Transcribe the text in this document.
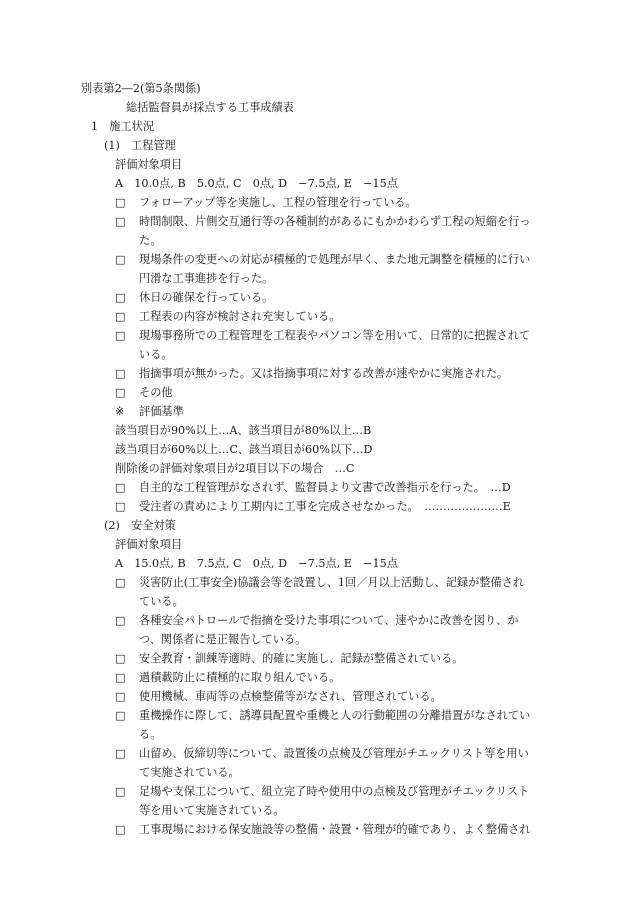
別表第2―2(第5条関係)
総括監督員が採点する工事成績表
1　施工状況
(1)　工程管理
評価対象項目
A　10.0点, B　5.0点, C　0点, D　−7.5点, E　−15点
□ フォローアップ等を実施し、工程の管理を行っている。
□ 時間制限、片側交互通行等の各種制約があるにもかかわらず工程の短縮を行っ
た。
□ 現場条件の変更への対応が積極的で処理が早く、また地元調整を積極的に行い
円滑な工事進捗を行った。
□ 休日の確保を行っている。
□ 工程表の内容が検討され充実している。
□ 現場事務所での工程管理を工程表やパソコン等を用いて、日常的に把握されて
いる。
□ 指摘事項が無かった。又は指摘事項に対する改善が速やかに実施された。
□ その他
※ 評価基準
該当項目が90%以上…A、該当項目が80%以上…B
該当項目が60%以上…C、該当項目が60%以下…D
削除後の評価対象項目が2項目以下の場合　…C
□ 自主的な工程管理がなされず、監督員より文書で改善指示を行った。　…D
□ 受注者の責めにより工期内に工事を完成させなかった。　…………………E
(2)　安全対策
評価対象項目
A　15.0点, B　7.5点, C　0点, D　−7.5点, E　−15点
□ 災害防止(工事安全)協議会等を設置し、1回／月以上活動し、記録が整備され
ている。
□ 各種安全パトロールで指摘を受けた事項について、速やかに改善を図り、か
つ、関係者に是正報告している。
□ 安全教育・訓練等適時、的確に実施し、記録が整備されている。
□ 過積載防止に積極的に取り組んでいる。
□ 使用機械、車両等の点検整備等がなされ、管理されている。
□ 重機操作に際して、誘導員配置や重機と人の行動範囲の分離措置がなされてい
る。
□ 山留め、仮締切等について、設置後の点検及び管理がチエックリスト等を用い
て実施されている。
□ 足場や支保工について、組立完了時や使用中の点検及び管理がチエックリスト
等を用いて実施されている。
□ 工事現場における保安施設等の整備・設置・管理が的確であり、よく整備され
